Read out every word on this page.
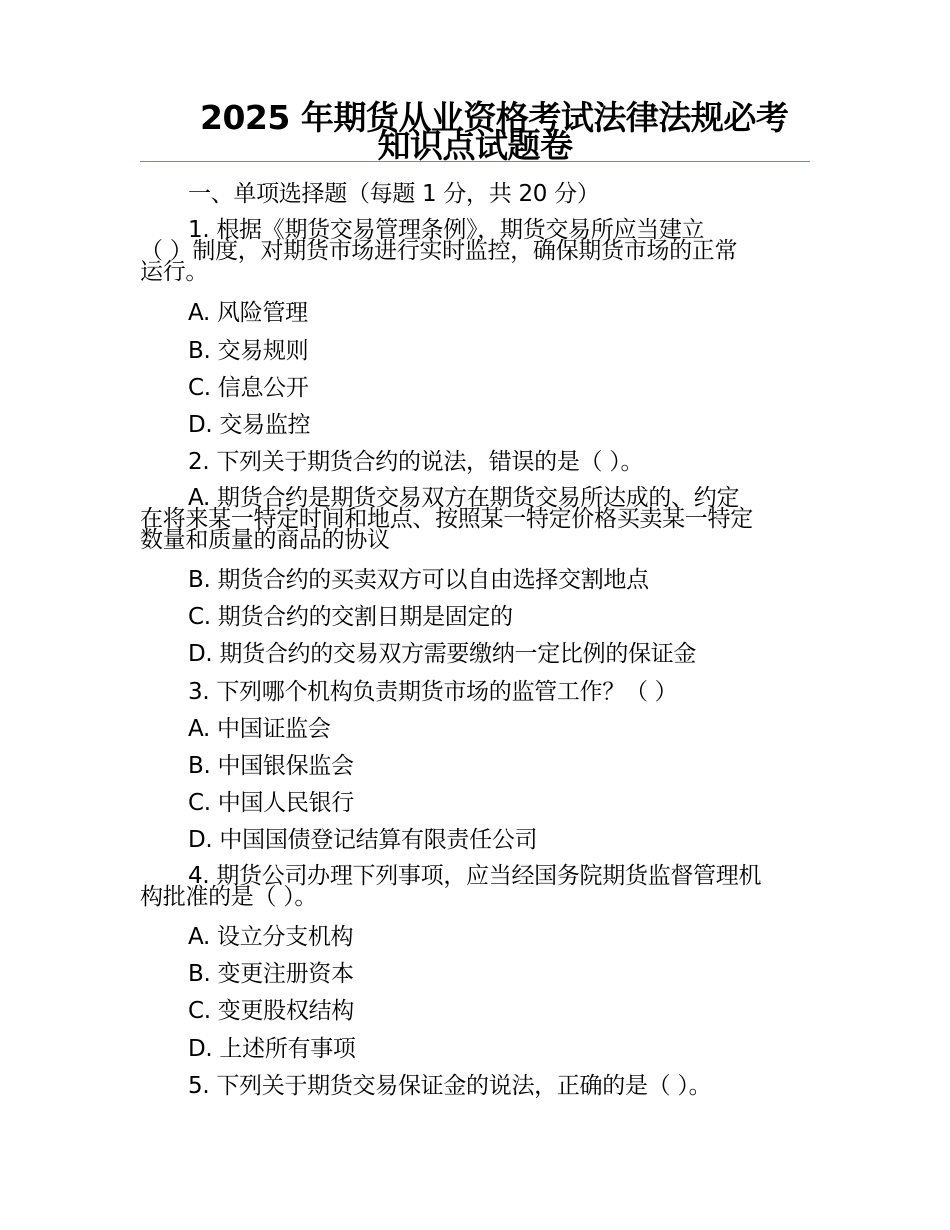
2025 年期货从业资格考试法律法规必考
知识点试题卷
一、单项选择题（每题 1 分，共 20 分）
1. 根据《期货交易管理条例》，期货交易所应当建立
（ ）制度，对期货市场进行实时监控，确保期货市场的正常
运行。
A. 风险管理
B. 交易规则
C. 信息公开
D. 交易监控
2. 下列关于期货合约的说法，错误的是（ ）。
A. 期货合约是期货交易双方在期货交易所达成的、约定
在将来某一特定时间和地点、按照某一特定价格买卖某一特定
数量和质量的商品的协议
B. 期货合约的买卖双方可以自由选择交割地点
C. 期货合约的交割日期是固定的
D. 期货合约的交易双方需要缴纳一定比例的保证金
3. 下列哪个机构负责期货市场的监管工作？（ ）
A. 中国证监会
B. 中国银保监会
C. 中国人民银行
D. 中国国债登记结算有限责任公司
4. 期货公司办理下列事项，应当经国务院期货监督管理机
构批准的是（ ）。
A. 设立分支机构
B. 变更注册资本
C. 变更股权结构
D. 上述所有事项
5. 下列关于期货交易保证金的说法，正确的是（ ）。
